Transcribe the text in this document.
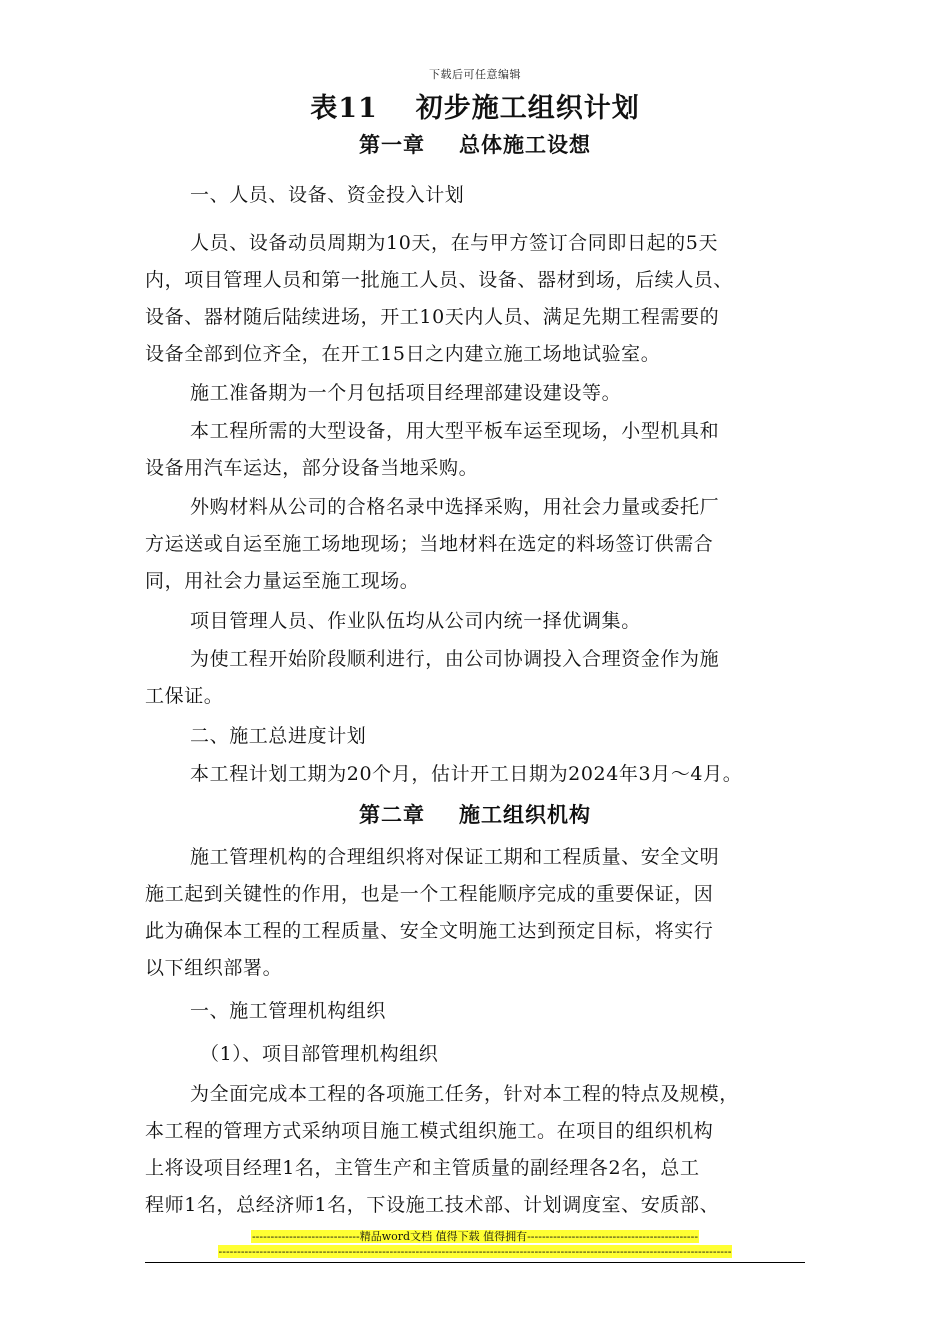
下载后可任意编辑
表11 初步施工组织计划
第一章 总体施工设想
一、人员、设备、资金投入计划
人员、设备动员周期为10天，在与甲方签订合同即日起的5天
内，项目管理人员和第一批施工人员、设备、器材到场，后续人员、
设备、器材随后陆续进场，开工10天内人员、满足先期工程需要的
设备全部到位齐全，在开工15日之内建立施工场地试验室。
施工准备期为一个月包括项目经理部建设建设等。
本工程所需的大型设备，用大型平板车运至现场，小型机具和
设备用汽车运达，部分设备当地采购。
外购材料从公司的合格名录中选择采购，用社会力量或委托厂
方运送或自运至施工场地现场；当地材料在选定的料场签订供需合
同，用社会力量运至施工现场。
项目管理人员、作业队伍均从公司内统一择优调集。
为使工程开始阶段顺利进行，由公司协调投入合理资金作为施
工保证。
二、施工总进度计划
本工程计划工期为20个月，估计开工日期为2024年3月～4月。
第二章 施工组织机构
施工管理机构的合理组织将对保证工期和工程质量、安全文明
施工起到关键性的作用，也是一个工程能顺序完成的重要保证，因
此为确保本工程的工程质量、安全文明施工达到预定目标，将实行
以下组织部署。
一、施工管理机构组织
（1）、项目部管理机构组织
为全面完成本工程的各项施工任务，针对本工程的特点及规模，
本工程的管理方式采纳项目施工模式组织施工。在项目的组织机构
上将设项目经理1名，主管生产和主管质量的副经理各2名，总工
程师1名，总经济师1名，下设施工技术部、计划调度室、安质部、
-----------------------------精品word文档 值得下载 值得拥有----------------------------------------------
------------------------------------------------------------------------------------------------------------------------------------------
